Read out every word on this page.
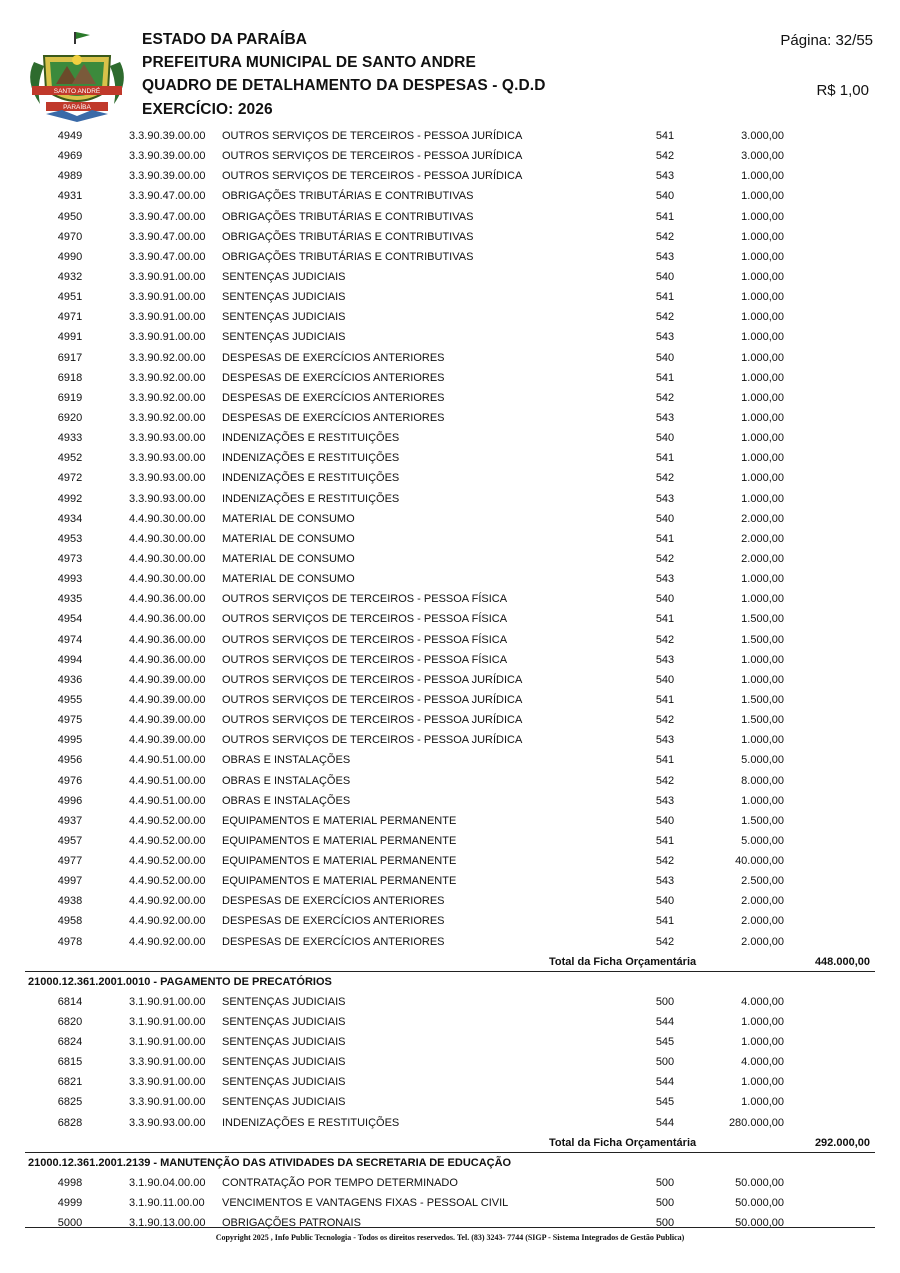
SANTO ANDRÉ
PARAÍBA
ESTADO DA PARAÍBA
PREFEITURA MUNICIPAL DE SANTO ANDRE
QUADRO DE DETALHAMENTO DA DESPESAS - Q.D.D
EXERCÍCIO: 2026
Página: 32/55
R$ 1,00
4949	3.3.90.39.00.00 OUTROS SERVIÇOS DE TERCEIROS - PESSOA JURÍDICA	541	3.000,00
4969	3.3.90.39.00.00 OUTROS SERVIÇOS DE TERCEIROS - PESSOA JURÍDICA	542	3.000,00
4989	3.3.90.39.00.00 OUTROS SERVIÇOS DE TERCEIROS - PESSOA JURÍDICA	543	1.000,00
4931	3.3.90.47.00.00 OBRIGAÇÕES TRIBUTÁRIAS E CONTRIBUTIVAS	540	1.000,00
4950	3.3.90.47.00.00 OBRIGAÇÕES TRIBUTÁRIAS E CONTRIBUTIVAS	541	1.000,00
4970	3.3.90.47.00.00 OBRIGAÇÕES TRIBUTÁRIAS E CONTRIBUTIVAS	542	1.000,00
4990	3.3.90.47.00.00 OBRIGAÇÕES TRIBUTÁRIAS E CONTRIBUTIVAS	543	1.000,00
4932	3.3.90.91.00.00 SENTENÇAS JUDICIAIS	540	1.000,00
4951	3.3.90.91.00.00 SENTENÇAS JUDICIAIS	541	1.000,00
4971	3.3.90.91.00.00 SENTENÇAS JUDICIAIS	542	1.000,00
4991	3.3.90.91.00.00 SENTENÇAS JUDICIAIS	543	1.000,00
6917	3.3.90.92.00.00 DESPESAS DE EXERCÍCIOS ANTERIORES	540	1.000,00
6918	3.3.90.92.00.00 DESPESAS DE EXERCÍCIOS ANTERIORES	541	1.000,00
6919	3.3.90.92.00.00 DESPESAS DE EXERCÍCIOS ANTERIORES	542	1.000,00
6920	3.3.90.92.00.00 DESPESAS DE EXERCÍCIOS ANTERIORES	543	1.000,00
4933	3.3.90.93.00.00 INDENIZAÇÕES E RESTITUIÇÕES	540	1.000,00
4952	3.3.90.93.00.00 INDENIZAÇÕES E RESTITUIÇÕES	541	1.000,00
4972	3.3.90.93.00.00 INDENIZAÇÕES E RESTITUIÇÕES	542	1.000,00
4992	3.3.90.93.00.00 INDENIZAÇÕES E RESTITUIÇÕES	543	1.000,00
4934	4.4.90.30.00.00 MATERIAL DE CONSUMO	540	2.000,00
4953	4.4.90.30.00.00 MATERIAL DE CONSUMO	541	2.000,00
4973	4.4.90.30.00.00 MATERIAL DE CONSUMO	542	2.000,00
4993	4.4.90.30.00.00 MATERIAL DE CONSUMO	543	1.000,00
4935	4.4.90.36.00.00 OUTROS SERVIÇOS DE TERCEIROS - PESSOA FÍSICA	540	1.000,00
4954	4.4.90.36.00.00 OUTROS SERVIÇOS DE TERCEIROS - PESSOA FÍSICA	541	1.500,00
4974	4.4.90.36.00.00 OUTROS SERVIÇOS DE TERCEIROS - PESSOA FÍSICA	542	1.500,00
4994	4.4.90.36.00.00 OUTROS SERVIÇOS DE TERCEIROS - PESSOA FÍSICA	543	1.000,00
4936	4.4.90.39.00.00 OUTROS SERVIÇOS DE TERCEIROS - PESSOA JURÍDICA	540	1.000,00
4955	4.4.90.39.00.00 OUTROS SERVIÇOS DE TERCEIROS - PESSOA JURÍDICA	541	1.500,00
4975	4.4.90.39.00.00 OUTROS SERVIÇOS DE TERCEIROS - PESSOA JURÍDICA	542	1.500,00
4995	4.4.90.39.00.00 OUTROS SERVIÇOS DE TERCEIROS - PESSOA JURÍDICA	543	1.000,00
4956	4.4.90.51.00.00 OBRAS E INSTALAÇÕES	541	5.000,00
4976	4.4.90.51.00.00 OBRAS E INSTALAÇÕES	542	8.000,00
4996	4.4.90.51.00.00 OBRAS E INSTALAÇÕES	543	1.000,00
4937	4.4.90.52.00.00 EQUIPAMENTOS E MATERIAL PERMANENTE	540	1.500,00
4957	4.4.90.52.00.00 EQUIPAMENTOS E MATERIAL PERMANENTE	541	5.000,00
4977	4.4.90.52.00.00 EQUIPAMENTOS E MATERIAL PERMANENTE	542	40.000,00
4997	4.4.90.52.00.00 EQUIPAMENTOS E MATERIAL PERMANENTE	543	2.500,00
4938	4.4.90.92.00.00 DESPESAS DE EXERCÍCIOS ANTERIORES	540	2.000,00
4958	4.4.90.92.00.00 DESPESAS DE EXERCÍCIOS ANTERIORES	541	2.000,00
4978	4.4.90.92.00.00 DESPESAS DE EXERCÍCIOS ANTERIORES	542	2.000,00
Total da Ficha Orçamentária	448.000,00
21000.12.361.2001.0010 - PAGAMENTO DE PRECATÓRIOS
6814	3.1.90.91.00.00 SENTENÇAS JUDICIAIS	500	4.000,00
6820	3.1.90.91.00.00 SENTENÇAS JUDICIAIS	544	1.000,00
6824	3.1.90.91.00.00 SENTENÇAS JUDICIAIS	545	1.000,00
6815	3.3.90.91.00.00 SENTENÇAS JUDICIAIS	500	4.000,00
6821	3.3.90.91.00.00 SENTENÇAS JUDICIAIS	544	1.000,00
6825	3.3.90.91.00.00 SENTENÇAS JUDICIAIS	545	1.000,00
6828	3.3.90.93.00.00 INDENIZAÇÕES E RESTITUIÇÕES	544	280.000,00
Total da Ficha Orçamentária	292.000,00
21000.12.361.2001.2139 - MANUTENÇÃO DAS ATIVIDADES DA SECRETARIA DE EDUCAÇÃO
4998	3.1.90.04.00.00 CONTRATAÇÃO POR TEMPO DETERMINADO	500	50.000,00
4999	3.1.90.11.00.00 VENCIMENTOS E VANTAGENS FIXAS - PESSOAL CIVIL	500	50.000,00
5000	3.1.90.13.00.00 OBRIGAÇÕES PATRONAIS	500	50.000,00
Copyright 2025 , Info Public Tecnologia - Todos os direitos reservedos. Tel. (83) 3243- 7744 (SIGP - Sistema Integrados de Gestão Publica)
